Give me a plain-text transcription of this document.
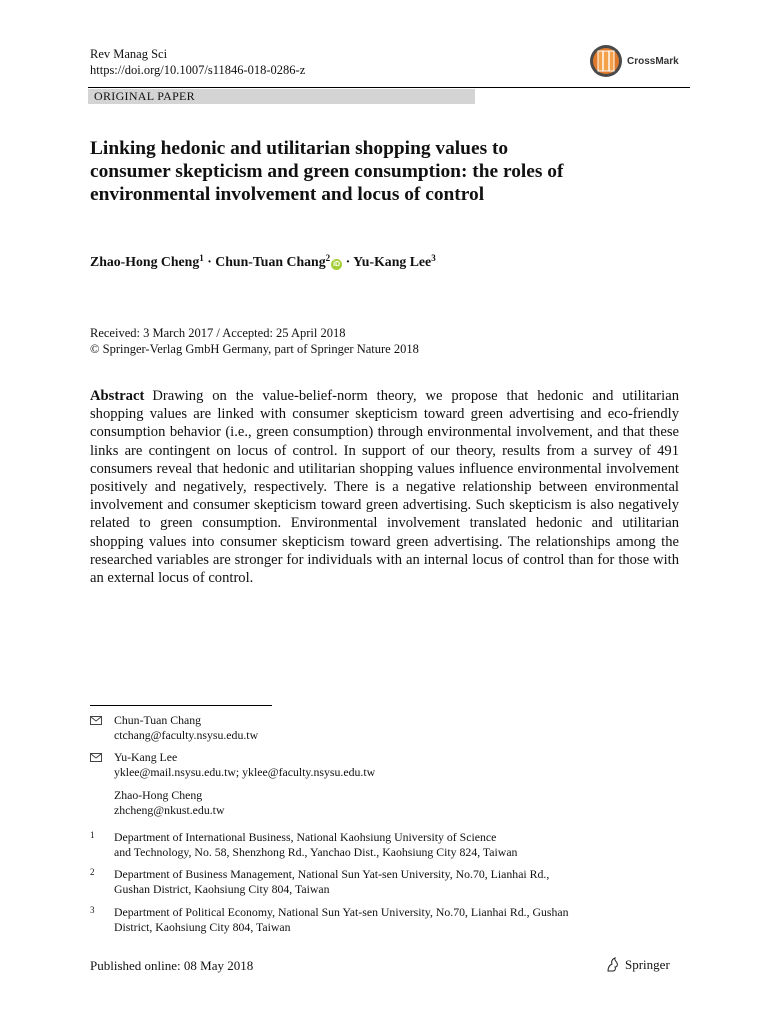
Rev Manag Sci
https://doi.org/10.1007/s11846-018-0286-z
CrossMark
ORIGINAL PAPER
Linking hedonic and utilitarian shopping values to consumer skepticism and green consumption: the roles of environmental involvement and locus of control
Zhao-Hong Cheng$^1$ · Chun-Tuan Chang$^2$iD · Yu-Kang Lee$^3$
Received: 3 March 2017 / Accepted: 25 April 2018
© Springer-Verlag GmbH Germany, part of Springer Nature 2018
Abstract Drawing on the value-belief-norm theory, we propose that hedonic and utilitarian shopping values are linked with consumer skepticism toward green advertising and eco-friendly consumption behavior (i.e., green consumption) through environmental involvement, and that these links are contingent on locus of control. In support of our theory, results from a survey of 491 consumers reveal that hedonic and utilitarian shopping values influence environmental involvement positively and negatively, respectively. There is a negative relationship between environmental involvement and consumer skepticism toward green advertising. Such skepticism is also negatively related to green consumption. Environmental involvement translated hedonic and utilitarian shopping values into consumer skepticism toward green advertising. The relationships among the researched variables are stronger for individuals with an internal locus of control than for those with an external locus of control.
Chun-Tuan Chang
ctchang@faculty.nsysu.edu.tw
Yu-Kang Lee
yklee@mail.nsysu.edu.tw; yklee@faculty.nsysu.edu.tw
Zhao-Hong Cheng
zhcheng@nkust.edu.tw
1 Department of International Business, National Kaohsiung University of Science
and Technology, No. 58, Shenzhong Rd., Yanchao Dist., Kaohsiung City 824, Taiwan
2 Department of Business Management, National Sun Yat-sen University, No.70, Lianhai Rd.,
Gushan District, Kaohsiung City 804, Taiwan
3 Department of Political Economy, National Sun Yat-sen University, No.70, Lianhai Rd., Gushan
District, Kaohsiung City 804, Taiwan
Published online: 08 May 2018	Springer
